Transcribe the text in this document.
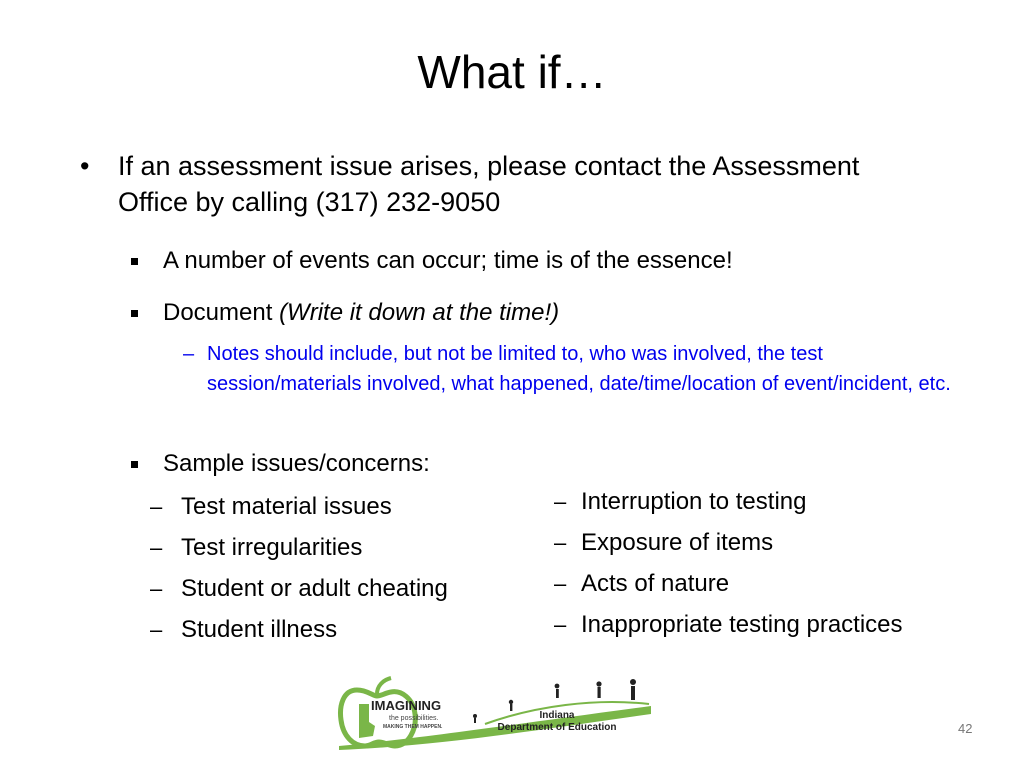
What if…
• If an assessment issue arises, please contact the Assessment Office by calling (317) 232-9050
A number of events can occur; time is of the essence!
Document (Write it down at the time!)
– Notes should include, but not be limited to, who was involved, the test session/materials involved, what happened, date/time/location of event/incident, etc.
Sample issues/concerns:
– Test material issues
– Test irregularities
– Student or adult cheating
– Student illness
– Interruption to testing
– Exposure of items
– Acts of nature
– Inappropriate testing practices
IMAGINING
the possibilities.
MAKING THEM HAPPEN.
Indiana
Department of Education	42
